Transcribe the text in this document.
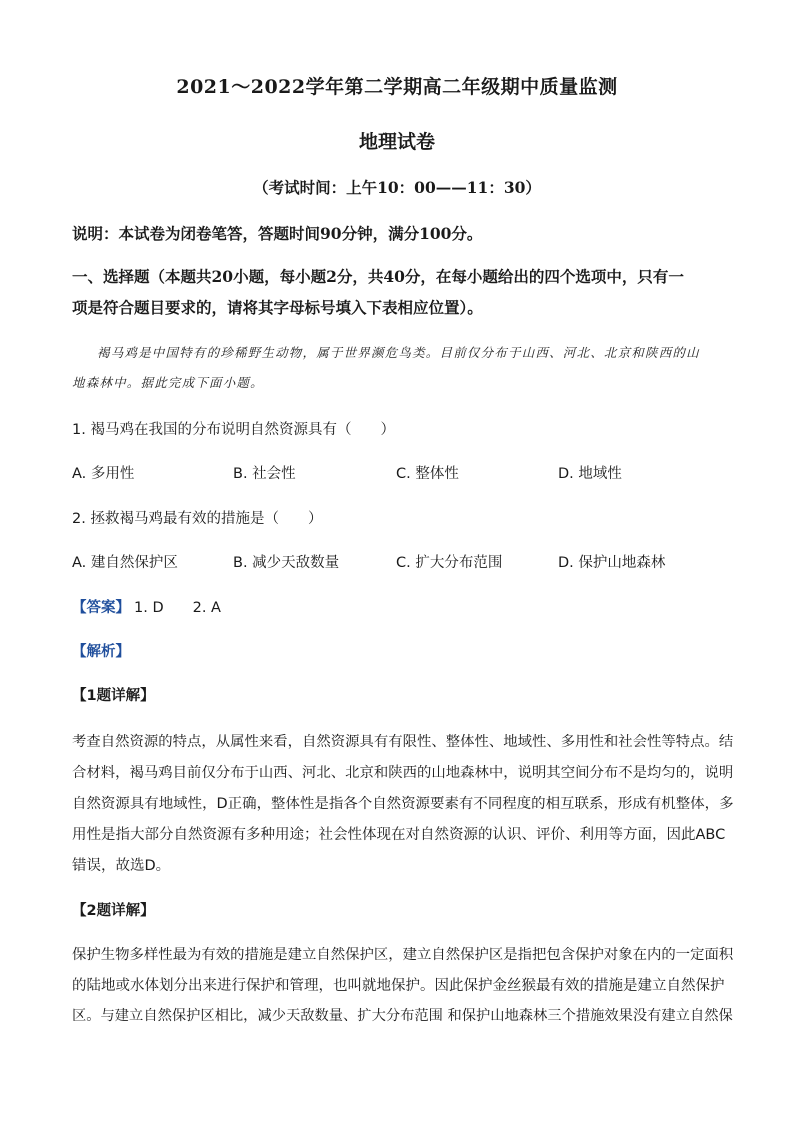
2021～2022学年第二学期高二年级期中质量监测
地理试卷
（考试时间：上午10：00——11：30）
说明：本试卷为闭卷笔答，答题时间90分钟，满分100分。
一、选择题（本题共20小题，每小题2分，共40分，在每小题给出的四个选项中，只有一
项是符合题目要求的，请将其字母标号填入下表相应位置）。
褐马鸡是中国特有的珍稀野生动物，属于世界濒危鸟类。目前仅分布于山西、河北、北京和陕西的山
地森林中。据此完成下面小题。
1. 褐马鸡在我国的分布说明自然资源具有（　　）
A. 多用性	B. 社会性	C. 整体性	D. 地域性
2. 拯救褐马鸡最有效的措施是（　　）
A. 建自然保护区	B. 减少天敌数量	C. 扩大分布范围	D. 保护山地森林
【答案】 1. D　　2. A
【解析】
【1题详解】
考查自然资源的特点，从属性来看，自然资源具有有限性、整体性、地域性、多用性和社会性等特点。结
合材料，褐马鸡目前仅分布于山西、河北、北京和陕西的山地森林中，说明其空间分布不是均匀的，说明
自然资源具有地域性，D正确，整体性是指各个自然资源要素有不同程度的相互联系，形成有机整体，多
用性是指大部分自然资源有多种用途；社会性体现在对自然资源的认识、评价、利用等方面，因此ABC
错误，故选D。
【2题详解】
保护生物多样性最为有效的措施是建立自然保护区，建立自然保护区是指把包含保护对象在内的一定面积
的陆地或水体划分出来进行保护和管理，也叫就地保护。因此保护金丝猴最有效的措施是建立自然保护
区。与建立自然保护区相比，减少天敌数量、扩大分布范围 和保护山地森林三个措施效果没有建立自然保
